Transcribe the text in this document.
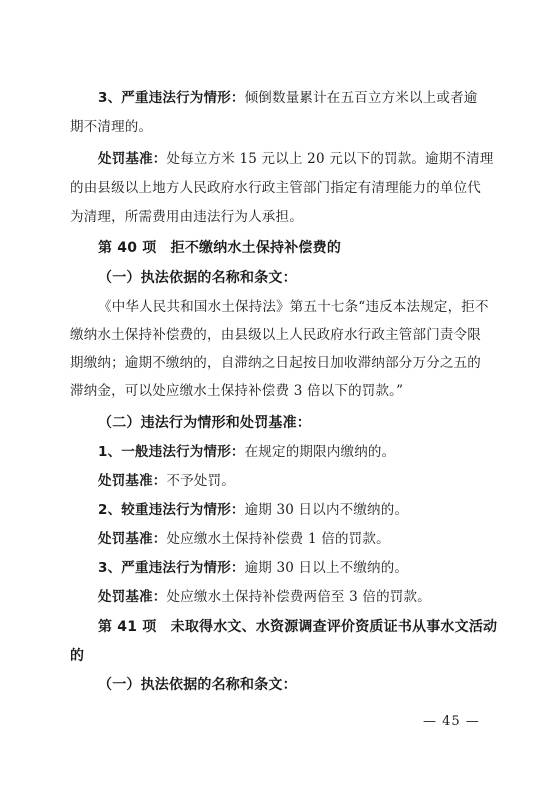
3、严重违法行为情形：倾倒数量累计在五百立方米以上或者逾
期不清理的。
处罚基准：处每立方米 15 元以上 20 元以下的罚款。逾期不清理
的由县级以上地方人民政府水行政主管部门指定有清理能力的单位代
为清理，所需费用由违法行为人承担。
第 40 项　拒不缴纳水土保持补偿费的
（一）执法依据的名称和条文：
《中华人民共和国水土保持法》第五十七条“违反本法规定，拒不
缴纳水土保持补偿费的，由县级以上人民政府水行政主管部门责令限
期缴纳；逾期不缴纳的，自滞纳之日起按日加收滞纳部分万分之五的
滞纳金，可以处应缴水土保持补偿费 3 倍以下的罚款。”
（二）违法行为情形和处罚基准：
1、一般违法行为情形：在规定的期限内缴纳的。
处罚基准：不予处罚。
2、较重违法行为情形：逾期 30 日以内不缴纳的。
处罚基准：处应缴水土保持补偿费 1 倍的罚款。
3、严重违法行为情形：逾期 30 日以上不缴纳的。
处罚基准：处应缴水土保持补偿费两倍至 3 倍的罚款。
第 41 项　未取得水文、水资源调查评价资质证书从事水文活动
的
（一）执法依据的名称和条文：
— 45 —
